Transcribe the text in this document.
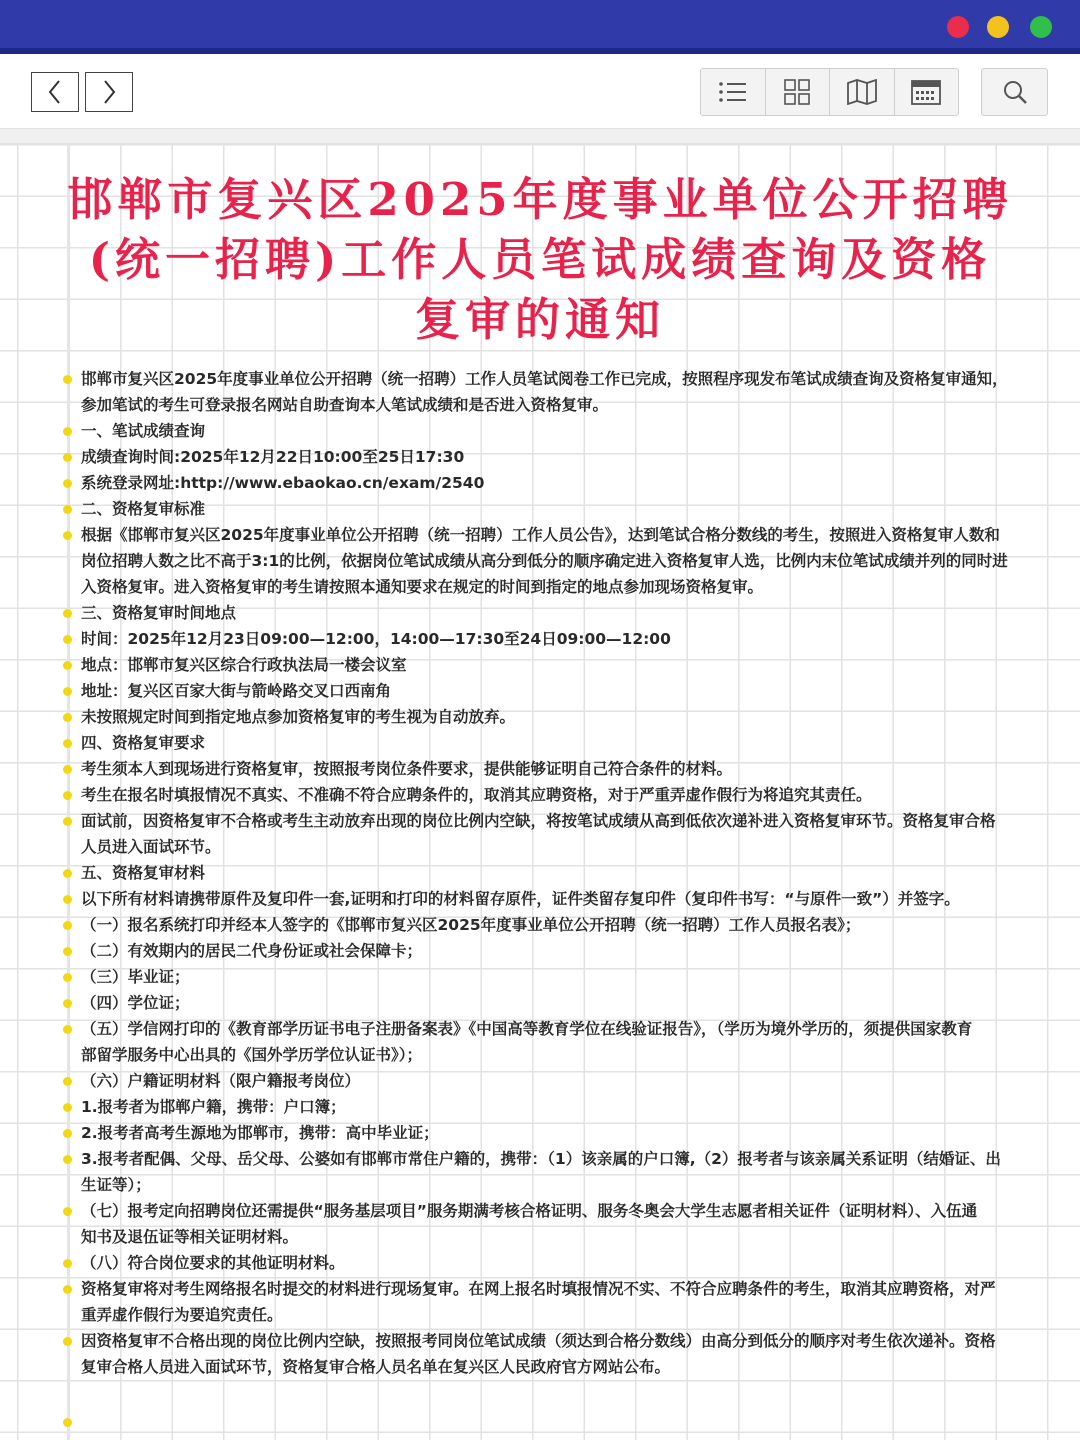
邯郸市复兴区2025年度事业单位公开招聘
(统一招聘)工作人员笔试成绩查询及资格
复审的通知
邯郸市复兴区2025年度事业单位公开招聘（统一招聘）工作人员笔试阅卷工作已完成，按照程序现发布笔试成绩查询及资格复审通知，
参加笔试的考生可登录报名网站自助查询本人笔试成绩和是否进入资格复审。
一、笔试成绩查询
成绩查询时间:2025年12月22日10:00至25日17:30
系统登录网址:http://www.ebaokao.cn/exam/2540
二、资格复审标准
根据《邯郸市复兴区2025年度事业单位公开招聘（统一招聘）工作人员公告》，达到笔试合格分数线的考生，按照进入资格复审人数和
岗位招聘人数之比不高于3:1的比例，依据岗位笔试成绩从高分到低分的顺序确定进入资格复审人选，比例内末位笔试成绩并列的同时进
入资格复审。进入资格复审的考生请按照本通知要求在规定的时间到指定的地点参加现场资格复审。
三、资格复审时间地点
时间：2025年12月23日09:00—12:00，14:00—17:30至24日09:00—12:00
地点：邯郸市复兴区综合行政执法局一楼会议室
地址：复兴区百家大街与箭岭路交叉口西南角
未按照规定时间到指定地点参加资格复审的考生视为自动放弃。
四、资格复审要求
考生须本人到现场进行资格复审，按照报考岗位条件要求，提供能够证明自己符合条件的材料。
考生在报名时填报情况不真实、不准确不符合应聘条件的，取消其应聘资格，对于严重弄虚作假行为将追究其责任。
面试前，因资格复审不合格或考生主动放弃出现的岗位比例内空缺，将按笔试成绩从高到低依次递补进入资格复审环节。资格复审合格
人员进入面试环节。
五、资格复审材料
以下所有材料请携带原件及复印件一套,证明和打印的材料留存原件，证件类留存复印件（复印件书写：“与原件一致”）并签字。
（一）报名系统打印并经本人签字的《邯郸市复兴区2025年度事业单位公开招聘（统一招聘）工作人员报名表》；
（二）有效期内的居民二代身份证或社会保障卡；
（三）毕业证；
（四）学位证；
（五）学信网打印的《教育部学历证书电子注册备案表》《中国高等教育学位在线验证报告》，（学历为境外学历的，须提供国家教育
部留学服务中心出具的《国外学历学位认证书》）；
（六）户籍证明材料（限户籍报考岗位）
1.报考者为邯郸户籍，携带：户口簿；
2.报考者高考生源地为邯郸市，携带：高中毕业证；
3.报考者配偶、父母、岳父母、公婆如有邯郸市常住户籍的，携带：（1）该亲属的户口簿,（2）报考者与该亲属关系证明（结婚证、出
生证等）；
（七）报考定向招聘岗位还需提供“服务基层项目”服务期满考核合格证明、服务冬奥会大学生志愿者相关证件（证明材料）、入伍通
知书及退伍证等相关证明材料。
（八）符合岗位要求的其他证明材料。
资格复审将对考生网络报名时提交的材料进行现场复审。在网上报名时填报情况不实、不符合应聘条件的考生，取消其应聘资格，对严
重弄虚作假行为要追究责任。
因资格复审不合格出现的岗位比例内空缺，按照报考同岗位笔试成绩（须达到合格分数线）由高分到低分的顺序对考生依次递补。资格
复审合格人员进入面试环节，资格复审合格人员名单在复兴区人民政府官方网站公布。
